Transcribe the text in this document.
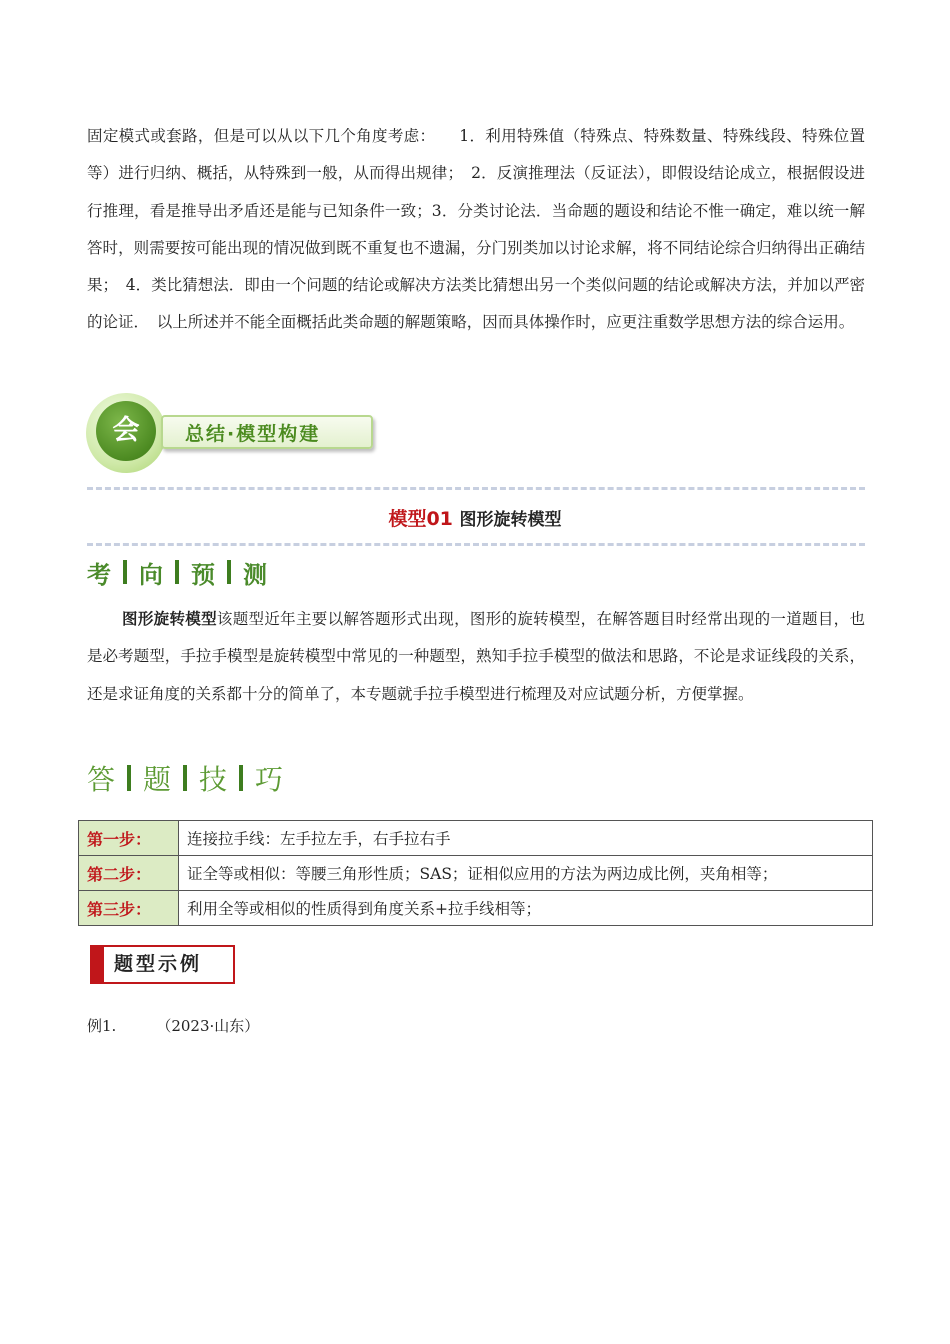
固定模式或套路，但是可以从以下几个角度考虑：　　1．利用特殊值（特殊点、特殊数量、特殊线段、特殊位置等）进行归纳、概括，从特殊到一般，从而得出规律；　2．反演推理法（反证法），即假设结论成立，根据假设进行推理，看是推导出矛盾还是能与已知条件一致；3．分类讨论法．当命题的题设和结论不惟一确定，难以统一解答时，则需要按可能出现的情况做到既不重复也不遗漏，分门别类加以讨论求解，将不同结论综合归纳得出正确结果；　4．类比猜想法．即由一个问题的结论或解决方法类比猜想出另一个类似问题的结论或解决方法，并加以严密的论证．　以上所述并不能全面概括此类命题的解题策略，因而具体操作时，应更注重数学思想方法的综合运用。

总结·模型构建
会
模型01 图形旋转模型
考 向 预 测

图形旋转模型该题型近年主要以解答题形式出现，图形的旋转模型，在解答题目时经常出现的一道题目，也是必考题型，手拉手模型是旋转模型中常见的一种题型，熟知手拉手模型的做法和思路，不论是求证线段的关系，还是求证角度的关系都十分的简单了，本专题就手拉手模型进行梳理及对应试题分析，方便掌握。

答 题 技 巧
第一步：	连接拉手线：左手拉左手，右手拉右手
第二步：	证全等或相似：等腰三角形性质；SAS；证相似应用的方法为两边成比例，夹角相等；
第三步：	利用全等或相似的性质得到角度关系+拉手线相等；
题型示例
例1.	（2023·山东）
